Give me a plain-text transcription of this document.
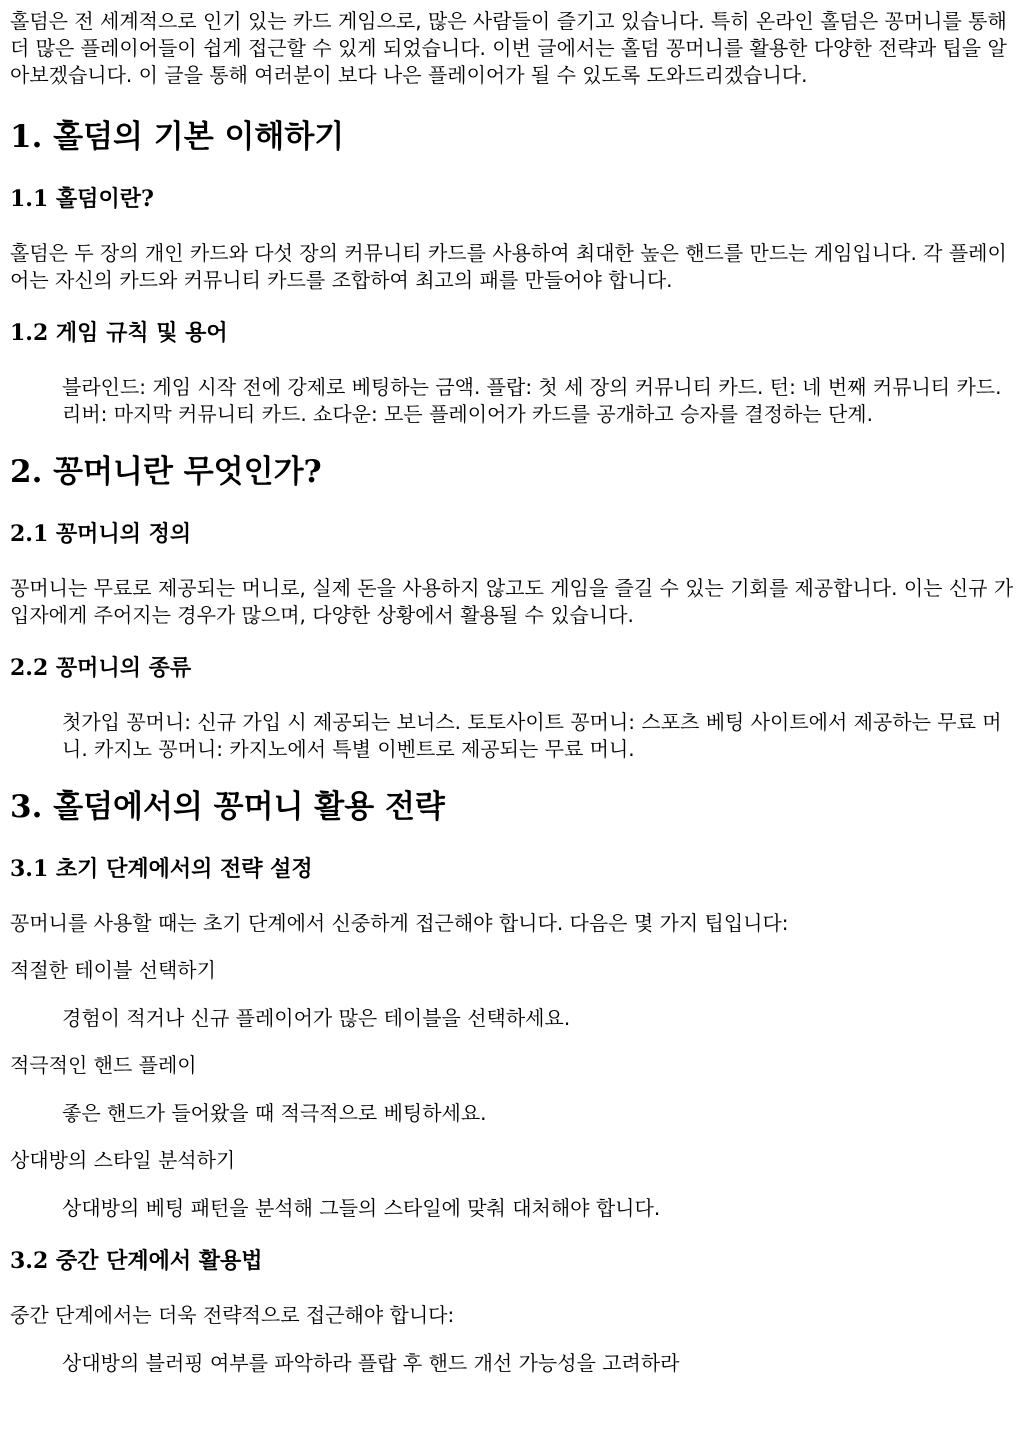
홀덤은 전 세계적으로 인기 있는 카드 게임으로, 많은 사람들이 즐기고 있습니다. 특히 온라인 홀덤은 꽁머니를 통해 더 많은 플레이어들이 쉽게 접근할 수 있게 되었습니다. 이번 글에서는 홀덤 꽁머니를 활용한 다양한 전략과 팁을 알아보겠습니다. 이 글을 통해 여러분이 보다 나은 플레이어가 될 수 있도록 도와드리겠습니다.

1. 홀덤의 기본 이해하기
1.1 홀덤이란?

홀덤은 두 장의 개인 카드와 다섯 장의 커뮤니티 카드를 사용하여 최대한 높은 핸드를 만드는 게임입니다. 각 플레이어는 자신의 카드와 커뮤니티 카드를 조합하여 최고의 패를 만들어야 합니다.

1.2 게임 규칙 및 용어

블라인드: 게임 시작 전에 강제로 베팅하는 금액. 플랍: 첫 세 장의 커뮤니티 카드. 턴: 네 번째 커뮤니티 카드. 리버: 마지막 커뮤니티 카드. 쇼다운: 모든 플레이어가 카드를 공개하고 승자를 결정하는 단계.

2. 꽁머니란 무엇인가?
2.1 꽁머니의 정의

꽁머니는 무료로 제공되는 머니로, 실제 돈을 사용하지 않고도 게임을 즐길 수 있는 기회를 제공합니다. 이는 신규 가입자에게 주어지는 경우가 많으며, 다양한 상황에서 활용될 수 있습니다.

2.2 꽁머니의 종류

첫가입 꽁머니: 신규 가입 시 제공되는 보너스. 토토사이트 꽁머니: 스포츠 베팅 사이트에서 제공하는 무료 머니. 카지노 꽁머니: 카지노에서 특별 이벤트로 제공되는 무료 머니.

3. 홀덤에서의 꽁머니 활용 전략
3.1 초기 단계에서의 전략 설정

꽁머니를 사용할 때는 초기 단계에서 신중하게 접근해야 합니다. 다음은 몇 가지 팁입니다:

적절한 테이블 선택하기

경험이 적거나 신규 플레이어가 많은 테이블을 선택하세요.

적극적인 핸드 플레이

좋은 핸드가 들어왔을 때 적극적으로 베팅하세요.

상대방의 스타일 분석하기

상대방의 베팅 패턴을 분석해 그들의 스타일에 맞춰 대처해야 합니다.

3.2 중간 단계에서 활용법

중간 단계에서는 더욱 전략적으로 접근해야 합니다:

상대방의 블러핑 여부를 파악하라 플랍 후 핸드 개선 가능성을 고려하라
